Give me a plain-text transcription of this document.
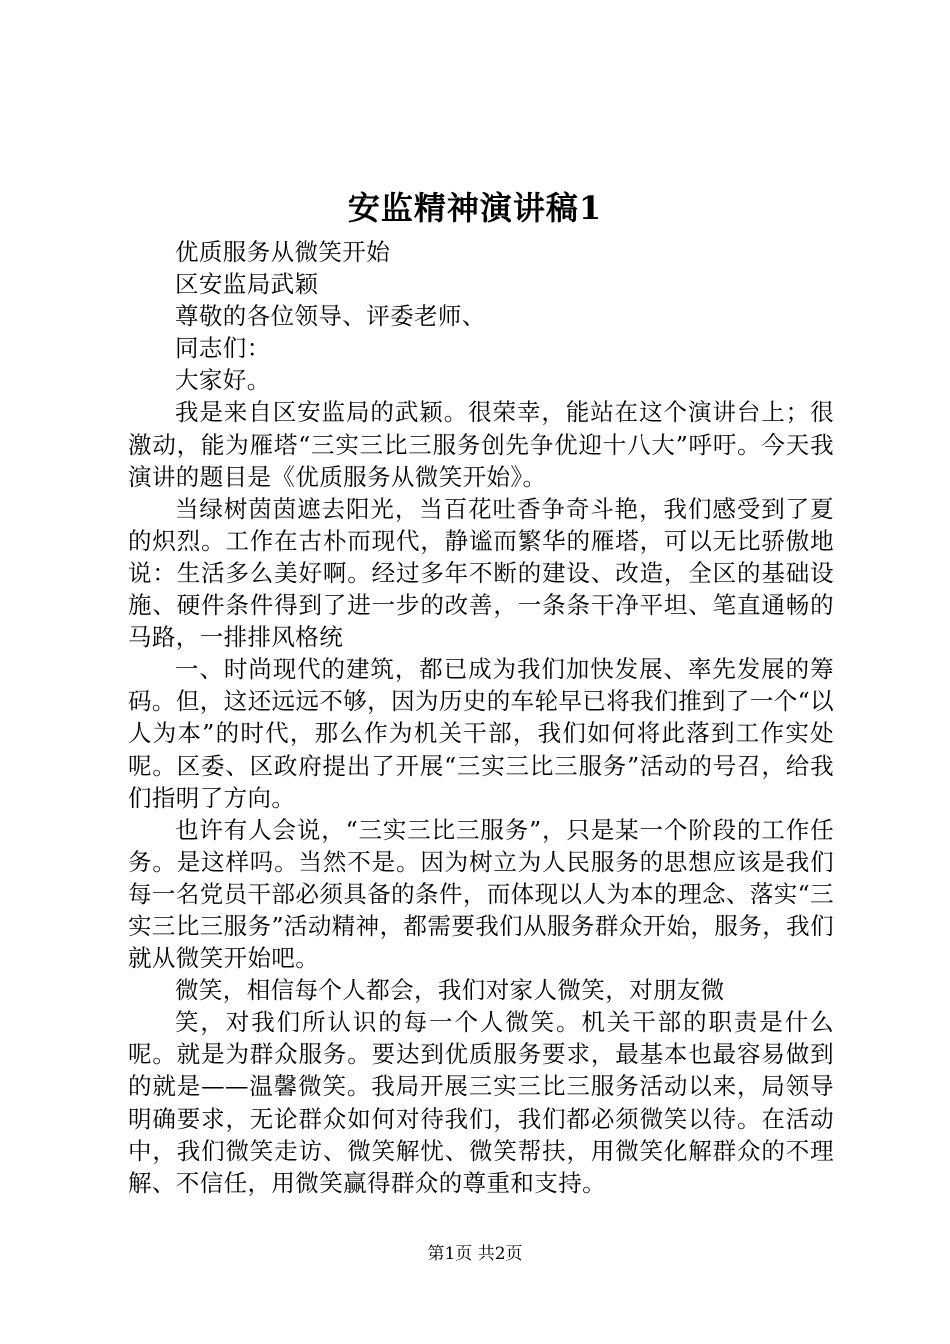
安监精神演讲稿1

优质服务从微笑开始

区安监局武颖

尊敬的各位领导、评委老师、

同志们：

大家好。

我是来自区安监局的武颖。很荣幸，能站在这个演讲台上；很激动，能为雁塔“三实三比三服务创先争优迎十八大”呼吁。今天我演讲的题目是《优质服务从微笑开始》。

当绿树茵茵遮去阳光，当百花吐香争奇斗艳，我们感受到了夏的炽烈。工作在古朴而现代，静谧而繁华的雁塔，可以无比骄傲地说：生活多么美好啊。经过多年不断的建设、改造，全区的基础设施、硬件条件得到了进一步的改善，一条条干净平坦、笔直通畅的马路，一排排风格统

一、时尚现代的建筑，都已成为我们加快发展、率先发展的筹码。但，这还远远不够，因为历史的车轮早已将我们推到了一个“以人为本”的时代，那么作为机关干部，我们如何将此落到工作实处呢。区委、区政府提出了开展“三实三比三服务”活动的号召，给我们指明了方向。

也许有人会说，“三实三比三服务”，只是某一个阶段的工作任务。是这样吗。当然不是。因为树立为人民服务的思想应该是我们每一名党员干部必须具备的条件，而体现以人为本的理念、落实“三实三比三服务”活动精神，都需要我们从服务群众开始，服务，我们就从微笑开始吧。

微笑，相信每个人都会，我们对家人微笑，对朋友微

笑，对我们所认识的每一个人微笑。机关干部的职责是什么呢。就是为群众服务。要达到优质服务要求，最基本也最容易做到的就是——温馨微笑。我局开展三实三比三服务活动以来，局领导明确要求，无论群众如何对待我们，我们都必须微笑以待。在活动中，我们微笑走访、微笑解忧、微笑帮扶，用微笑化解群众的不理解、不信任，用微笑赢得群众的尊重和支持。

第1页 共2页
